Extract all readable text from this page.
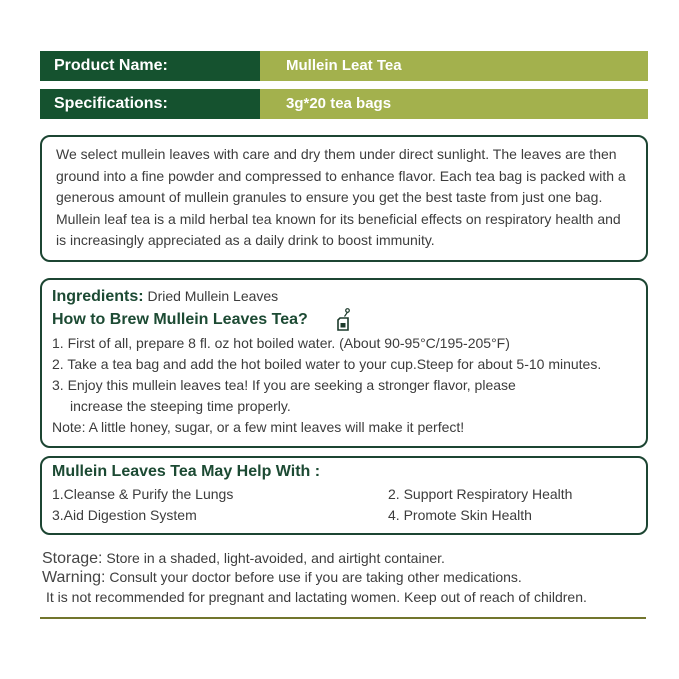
Product Name:	Mullein Leat Tea
Specifications:	3g*20 tea bags
We select mullein leaves with care and dry them under direct sunlight. The leaves are then ground into a fine powder and compressed to enhance flavor. Each tea bag is packed with a generous amount of mullein granules to ensure you get the best taste from just one bag. Mullein leaf tea is a mild herbal tea known for its beneficial effects on respiratory health and is increasingly appreciated as a daily drink to boost immunity.
Ingredients: Dried Mullein Leaves
How to Brew Mullein Leaves Tea?
1. First of all, prepare 8 fl. oz hot boiled water. (About 90-95°C/195-205°F)
2. Take a tea bag and add the hot boiled water to your cup.Steep for about 5-10 minutes.
3. Enjoy this mullein leaves tea! If you are seeking a stronger flavor, please
increase the steeping time properly.
Note: A little honey, sugar, or a few mint leaves will make it perfect!
Mullein Leaves Tea May Help With :
1.Cleanse & Purify the Lungs
3.Aid Digestion System
2. Support Respiratory Health
4. Promote Skin Health
Storage: Store in a shaded, light-avoided, and airtight container.
Warning: Consult your doctor before use if you are taking other medications.
It is not recommended for pregnant and lactating women. Keep out of reach of children.
